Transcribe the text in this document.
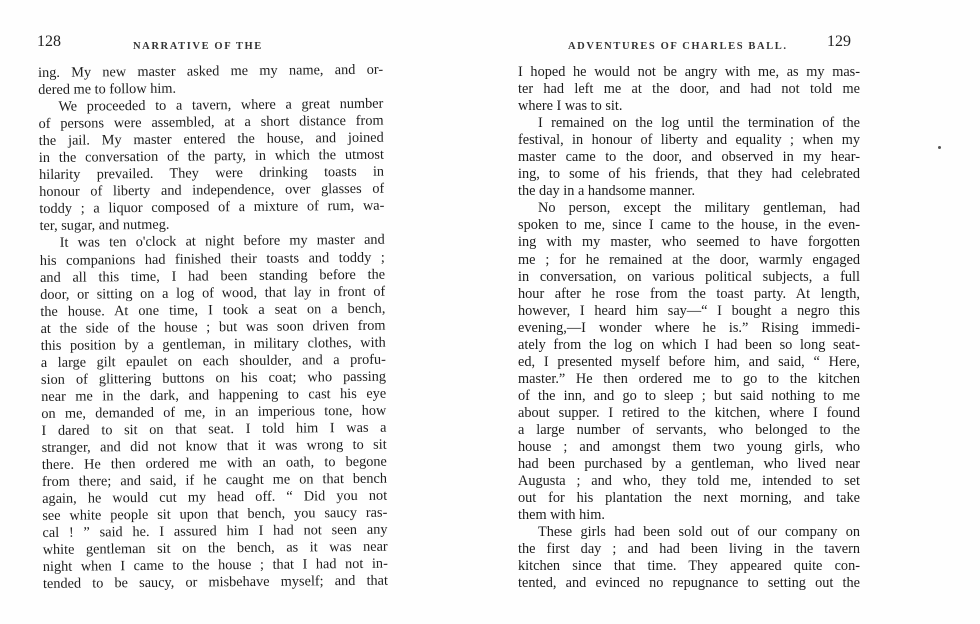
128	NARRATIVE OF THE
ing. My new master asked me my name, and or-
dered me to follow him.
We proceeded to a tavern, where a great number
of persons were assembled, at a short distance from
the jail. My master entered the house, and joined
in the conversation of the party, in which the utmost
hilarity prevailed. They were drinking toasts in
honour of liberty and independence, over glasses of
toddy ; a liquor composed of a mixture of rum, wa-
ter, sugar, and nutmeg.
It was ten o'clock at night before my master and
his companions had finished their toasts and toddy ;
and all this time, I had been standing before the
door, or sitting on a log of wood, that lay in front of
the house. At one time, I took a seat on a bench,
at the side of the house ; but was soon driven from
this position by a gentleman, in military clothes, with
a large gilt epaulet on each shoulder, and a profu-
sion of glittering buttons on his coat; who passing
near me in the dark, and happening to cast his eye
on me, demanded of me, in an imperious tone, how
I dared to sit on that seat. I told him I was a
stranger, and did not know that it was wrong to sit
there. He then ordered me with an oath, to begone
from there; and said, if he caught me on that bench
again, he would cut my head off. “ Did you not
see white people sit upon that bench, you saucy ras-
cal ! ” said he. I assured him I had not seen any
white gentleman sit on the bench, as it was near
night when I came to the house ; that I had not in-
tended to be saucy, or misbehave myself; and that
ADVENTURES OF CHARLES BALL. 129
I hoped he would not be angry with me, as my mas-
ter had left me at the door, and had not told me
where I was to sit.
I remained on the log until the termination of the
festival, in honour of liberty and equality ; when my
master came to the door, and observed in my hear-
ing, to some of his friends, that they had celebrated
the day in a handsome manner.
No person, except the military gentleman, had
spoken to me, since I came to the house, in the even-
ing with my master, who seemed to have forgotten
me ; for he remained at the door, warmly engaged
in conversation, on various political subjects, a full
hour after he rose from the toast party. At length,
however, I heard him say—“ I bought a negro this
evening,—I wonder where he is.” Rising immedi-
ately from the log on which I had been so long seat-
ed, I presented myself before him, and said, “ Here,
master.” He then ordered me to go to the kitchen
of the inn, and go to sleep ; but said nothing to me
about supper. I retired to the kitchen, where I found
a large number of servants, who belonged to the
house ; and amongst them two young girls, who
had been purchased by a gentleman, who lived near
Augusta ; and who, they told me, intended to set
out for his plantation the next morning, and take
them with him.
These girls had been sold out of our company on
the first day ; and had been living in the tavern
kitchen since that time. They appeared quite con-
tented, and evinced no repugnance to setting out the
